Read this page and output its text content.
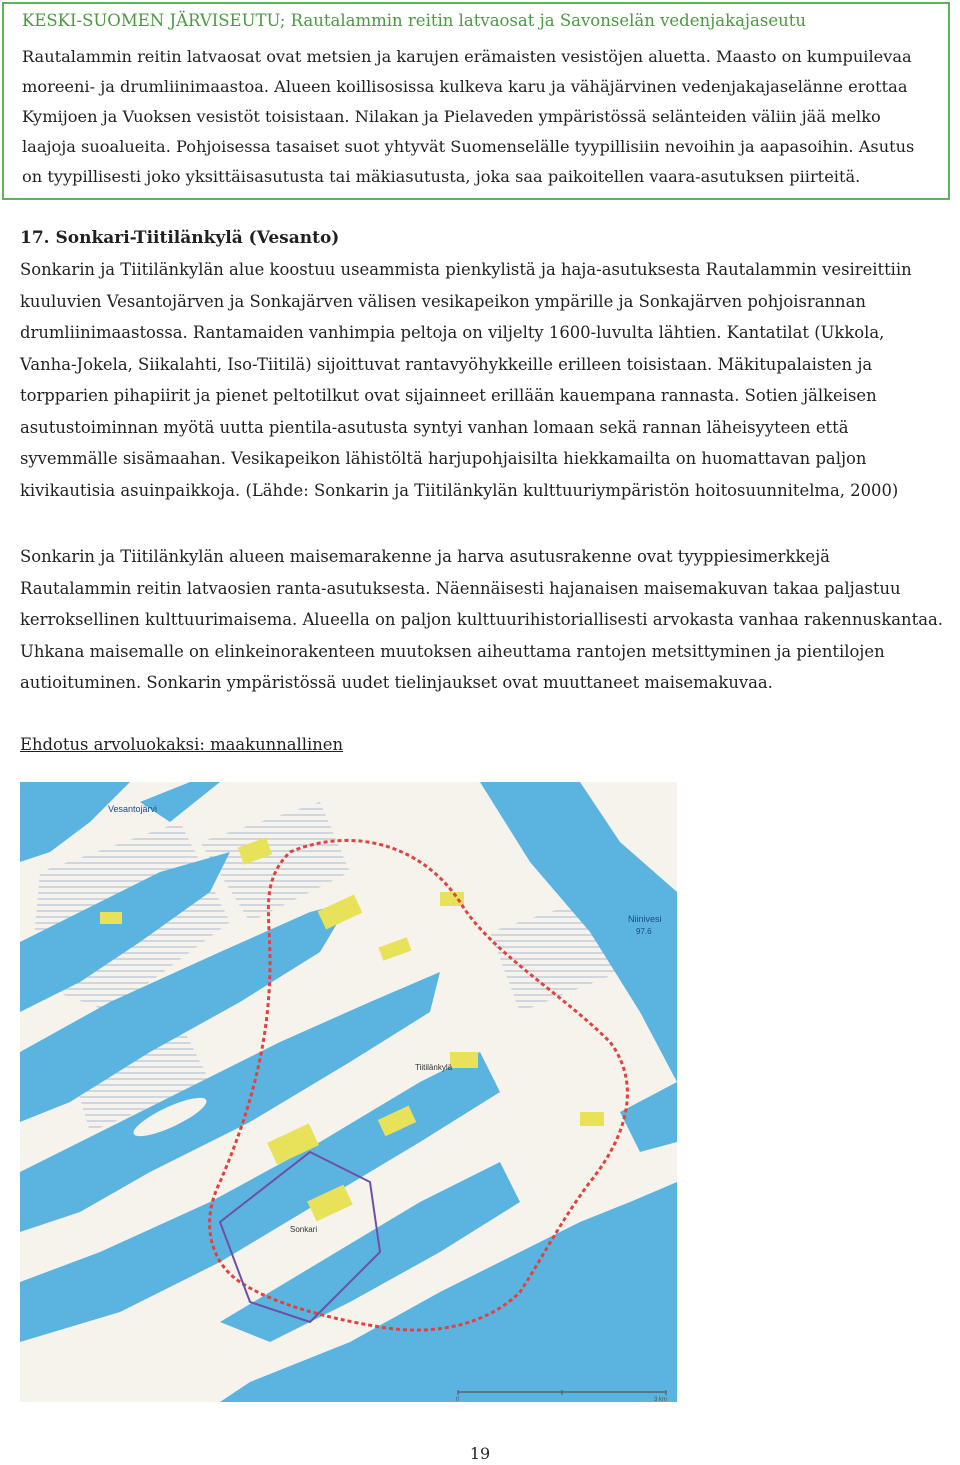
KESKI-SUOMEN JÄRVISEUTU; Rautalammin reitin latvaosat ja Savonselän vedenjakajaseutu

Rautalammin reitin latvaosat ovat metsien ja karujen erämaisten vesistöjen aluetta. Maasto on kumpuilevaa moreeni- ja drumliinimaastoa. Alueen koillisosissa kulkeva karu ja vähäjärvinen vedenjakajaselänne erottaa Kymijoen ja Vuoksen vesistöt toisistaan. Nilakan ja Pielaveden ympäristössä selänteiden väliin jää melko laajoja suoalueita. Pohjoisessa tasaiset suot yhtyvät Suomenselälle tyypillisiin nevoihin ja aapasoihin. Asutus on tyypillisesti joko yksittäisasutusta tai mäkiasutusta, joka saa paikoitellen vaara-asutuksen piirteitä.

17. Sonkari-Tiitilänkylä (Vesanto)

Sonkarin ja Tiitilänkylän alue koostuu useammista pienkylistä ja haja-asutuksesta Rautalammin vesireittiin kuuluvien Vesantojärven ja Sonkajärven välisen vesikapeikon ympärille ja Sonkajärven pohjoisrannan drumliinimaastossa. Rantamaiden vanhimpia peltoja on viljelty 1600-luvulta lähtien. Kantatilat (Ukkola, Vanha-Jokela, Siikalahti, Iso-Tiitilä) sijoittuvat rantavyöhykkeille erilleen toisistaan. Mäkitupalaisten ja torpparien pihapiirit ja pienet peltotilkut ovat sijainneet erillään kauempana rannasta. Sotien jälkeisen asutustoiminnan myötä uutta pientila-asutusta syntyi vanhan lomaan sekä rannan läheisyyteen että syvemmälle sisämaahan. Vesikapeikon lähistöltä harjupohjaisilta hiekkamailta on huomattavan paljon kivikautisia asuinpaikkoja. (Lähde: Sonkarin ja Tiitilänkylän kulttuuriympäristön hoitosuunnitelma, 2000)

Sonkarin ja Tiitilänkylän alueen maisemarakenne ja harva asutusrakenne ovat tyyppiesimerkkejä Rautalammin reitin latvaosien ranta-asutuksesta. Näennäisesti hajanaisen maisemakuvan takaa paljastuu kerroksellinen kulttuurimaisema. Alueella on paljon kulttuurihistoriallisesti arvokasta vanhaa rakennuskantaa. Uhkana maisemalle on elinkeinorakenteen muutoksen aiheuttama rantojen metsittyminen ja pientilojen autioituminen. Sonkarin ympäristössä uudet tielinjaukset ovat muuttaneet maisemakuvaa.

Ehdotus arvoluokaksi: maakunnallinen

Vesantojärvi
Niinivesi
97.6
Tiitilänkylä
Sonkari
0	3 km
19
